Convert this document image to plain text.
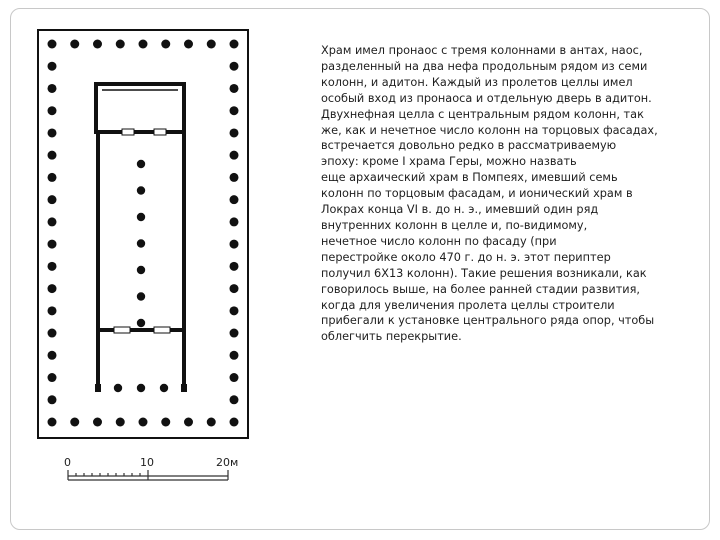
0	10	20м

Храм имел пронаос с тремя колоннами в антах, наос,
разделенный на два нефа продольным рядом из семи
колонн, и адитон. Каждый из пролетов целлы имел
особый вход из пронаоса и отдельную дверь в адитон.
Двухнефная целла с центральным рядом колонн, так
же, как и нечетное число колонн на торцовых фасадах,
встречается довольно редко в рассматриваемую
эпоху: кроме I храма Геры, можно назвать
еще архаический храм в Помпеях, имевший семь
колонн по торцовым фасадам, и ионический храм в
Локрах конца VI в. до н. э., имевший один ряд
внутренних колонн в целле и, по-видимому,
нечетное число колонн по фасаду (при
перестройке около 470 г. до н. э. этот периптер
получил 6X13 колонн). Такие решения возникали, как
говорилось выше, на более ранней стадии развития,
когда для увеличения пролета целлы строители
прибегали к установке центрального ряда опор, чтобы
облегчить перекрытие.
